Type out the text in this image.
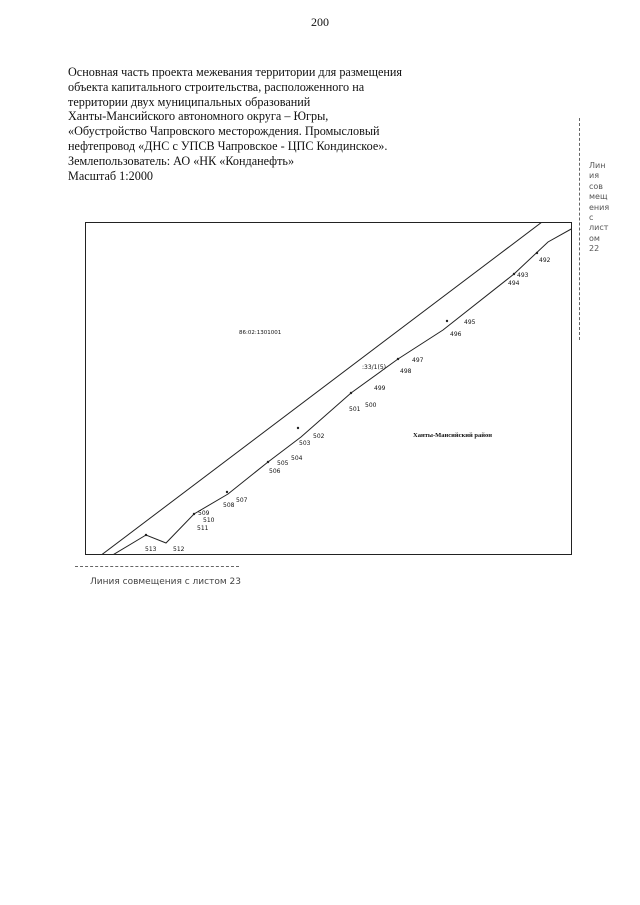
200
Основная часть проекта межевания территории для размещения
объекта капитального строительства, расположенного на
территории двух муниципальных образований
Ханты-Мансийского автономного округа – Югры,
«Обустройство Чапровского месторождения. Промысловый
нефтепровод «ДНС с УПСВ Чапровское - ЦПС Кондинское».
Землепользователь: АО «НК «Конданефть»
Масштаб 1:2000
Лин
ия
сов
мещ
ения
с
лист
ом
22
86:02:1301001
:33/1(5)
Ханты-Мансийский район
492
493
494
495
496
497
498
499
500
501
502
503
504
505
506
507
508
509
510
511
512
513
Линия совмещения с листом 23
